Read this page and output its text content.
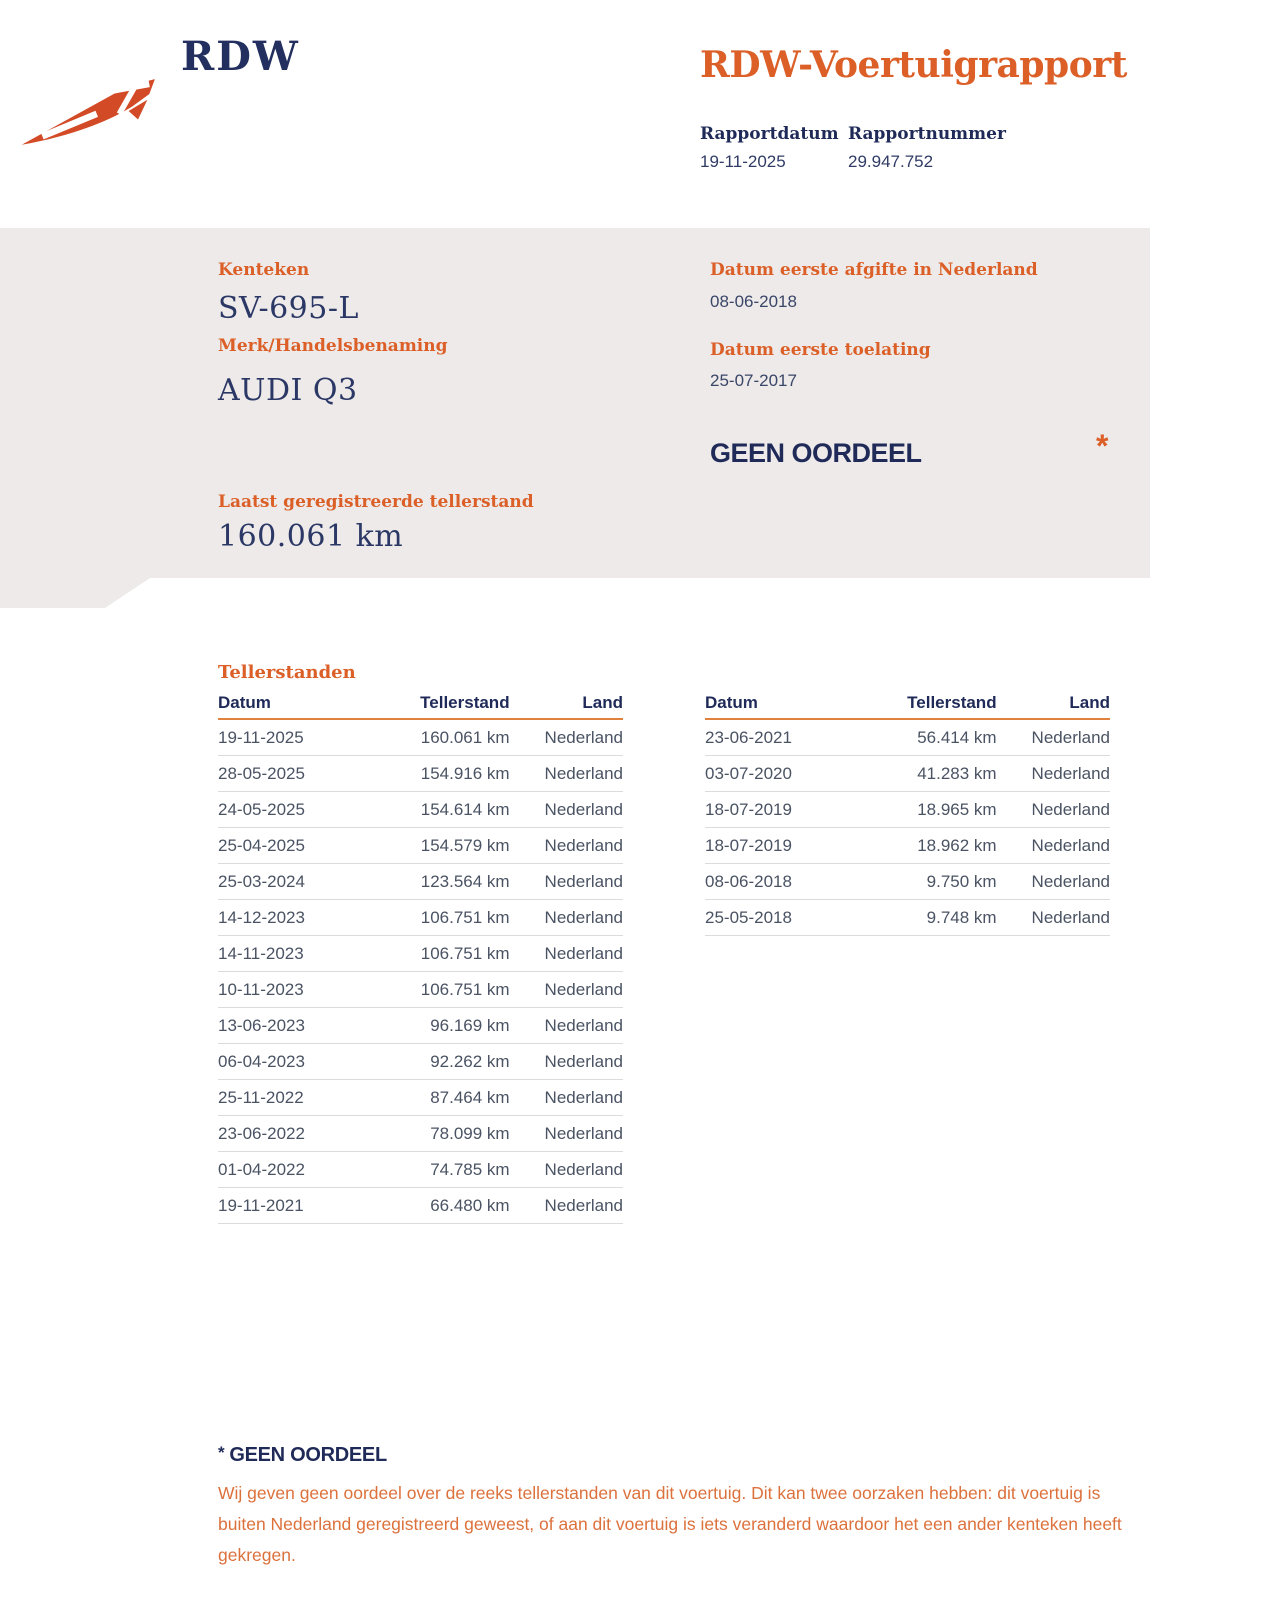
RDW	RDW-Voertuigrapport
Rapportdatum
19-11-2025
Rapportnummer
29.947.752
Kenteken
SV-695-L
Merk/Handelsbenaming
AUDI Q3
Laatst geregistreerde tellerstand
160.061 km
Datum eerste afgifte in Nederland
08-06-2018
Datum eerste toelating
25-07-2017
GEEN OORDEEL	*
Tellerstanden
Datum	Tellerstand	Land
19-11-2025	160.061 km	Nederland
28-05-2025	154.916 km	Nederland
24-05-2025	154.614 km	Nederland
25-04-2025	154.579 km	Nederland
25-03-2024	123.564 km	Nederland
14-12-2023	106.751 km	Nederland
14-11-2023	106.751 km	Nederland
10-11-2023	106.751 km	Nederland
13-06-2023	96.169 km	Nederland
06-04-2023	92.262 km	Nederland
25-11-2022	87.464 km	Nederland
23-06-2022	78.099 km	Nederland
01-04-2022	74.785 km	Nederland
19-11-2021	66.480 km	Nederland
Datum	Tellerstand	Land
23-06-2021	56.414 km	Nederland
03-07-2020	41.283 km	Nederland
18-07-2019	18.965 km	Nederland
18-07-2019	18.962 km	Nederland
08-06-2018	9.750 km	Nederland
25-05-2018	9.748 km	Nederland
* GEEN OORDEEL
Wij geven geen oordeel over de reeks tellerstanden van dit voertuig. Dit kan twee oorzaken hebben: dit voertuig is buiten Nederland geregistreerd geweest, of aan dit voertuig is iets veranderd waardoor het een ander kenteken heeft gekregen.
